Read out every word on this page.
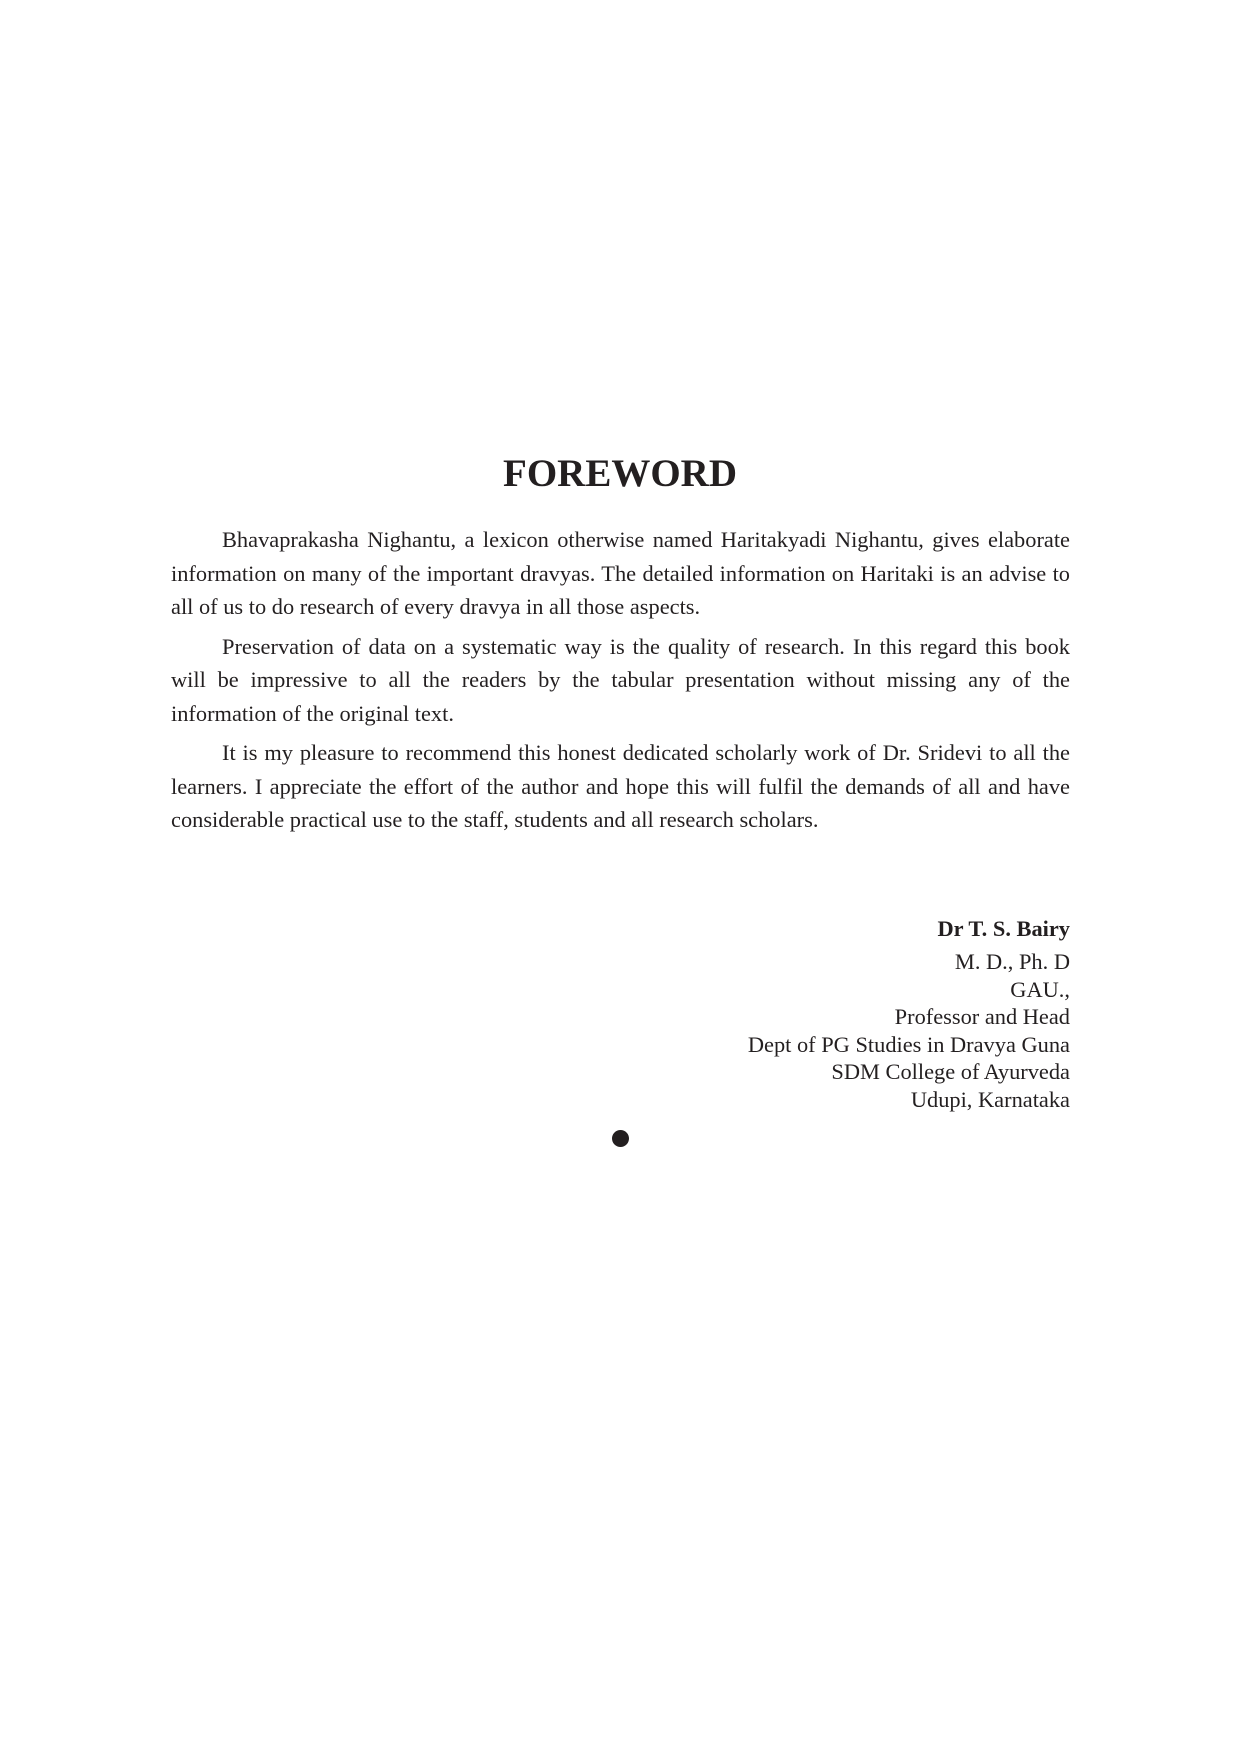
FOREWORD

Bhavaprakasha Nighantu, a lexicon otherwise named Haritakyadi Nighantu, gives elaborate information on many of the important dravyas. The detailed information on Haritaki is an advise to all of us to do research of every dravya in all those aspects.

Preservation of data on a systematic way is the quality of research. In this regard this book will be impressive to all the readers by the tabular presentation without missing any of the information of the original text.

It is my pleasure to recommend this honest dedicated scholarly work of Dr. Sridevi to all the learners. I appreciate the effort of the author and hope this will fulfil the demands of all and have considerable practical use to the staff, students and all research scholars.

Dr T. S. Bairy
M. D., Ph. D
GAU.,
Professor and Head
Dept of PG Studies in Dravya Guna
SDM College of Ayurveda
Udupi, Karnataka
